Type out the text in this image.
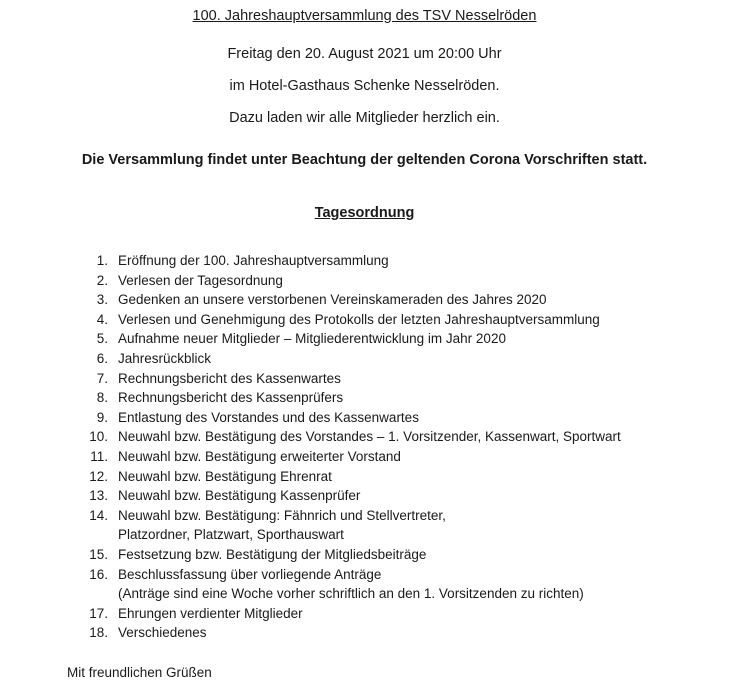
100. Jahreshauptversammlung des TSV Nesselröden
Freitag den 20. August 2021 um 20:00 Uhr
im Hotel-Gasthaus Schenke Nesselröden.
Dazu laden wir alle Mitglieder herzlich ein.
Die Versammlung findet unter Beachtung der geltenden Corona Vorschriften statt.
Tagesordnung
1. Eröffnung der 100. Jahreshauptversammlung
2. Verlesen der Tagesordnung
3. Gedenken an unsere verstorbenen Vereinskameraden des Jahres 2020
4. Verlesen und Genehmigung des Protokolls der letzten Jahreshauptversammlung
5. Aufnahme neuer Mitglieder – Mitgliederentwicklung im Jahr 2020
6. Jahresrückblick
7. Rechnungsbericht des Kassenwartes
8. Rechnungsbericht des Kassenprüfers
9. Entlastung des Vorstandes und des Kassenwartes
10. Neuwahl bzw. Bestätigung des Vorstandes – 1. Vorsitzender, Kassenwart, Sportwart
11. Neuwahl bzw. Bestätigung erweiterter Vorstand
12. Neuwahl bzw. Bestätigung Ehrenrat
13. Neuwahl bzw. Bestätigung Kassenprüfer
14. Neuwahl bzw. Bestätigung: Fähnrich und Stellvertreter,
Platzordner, Platzwart, Sporthauswart
15. Festsetzung bzw. Bestätigung der Mitgliedsbeiträge
16. Beschlussfassung über vorliegende Anträge
(Anträge sind eine Woche vorher schriftlich an den 1. Vorsitzenden zu richten)
17. Ehrungen verdienter Mitglieder
18. Verschiedenes
Mit freundlichen Grüßen
